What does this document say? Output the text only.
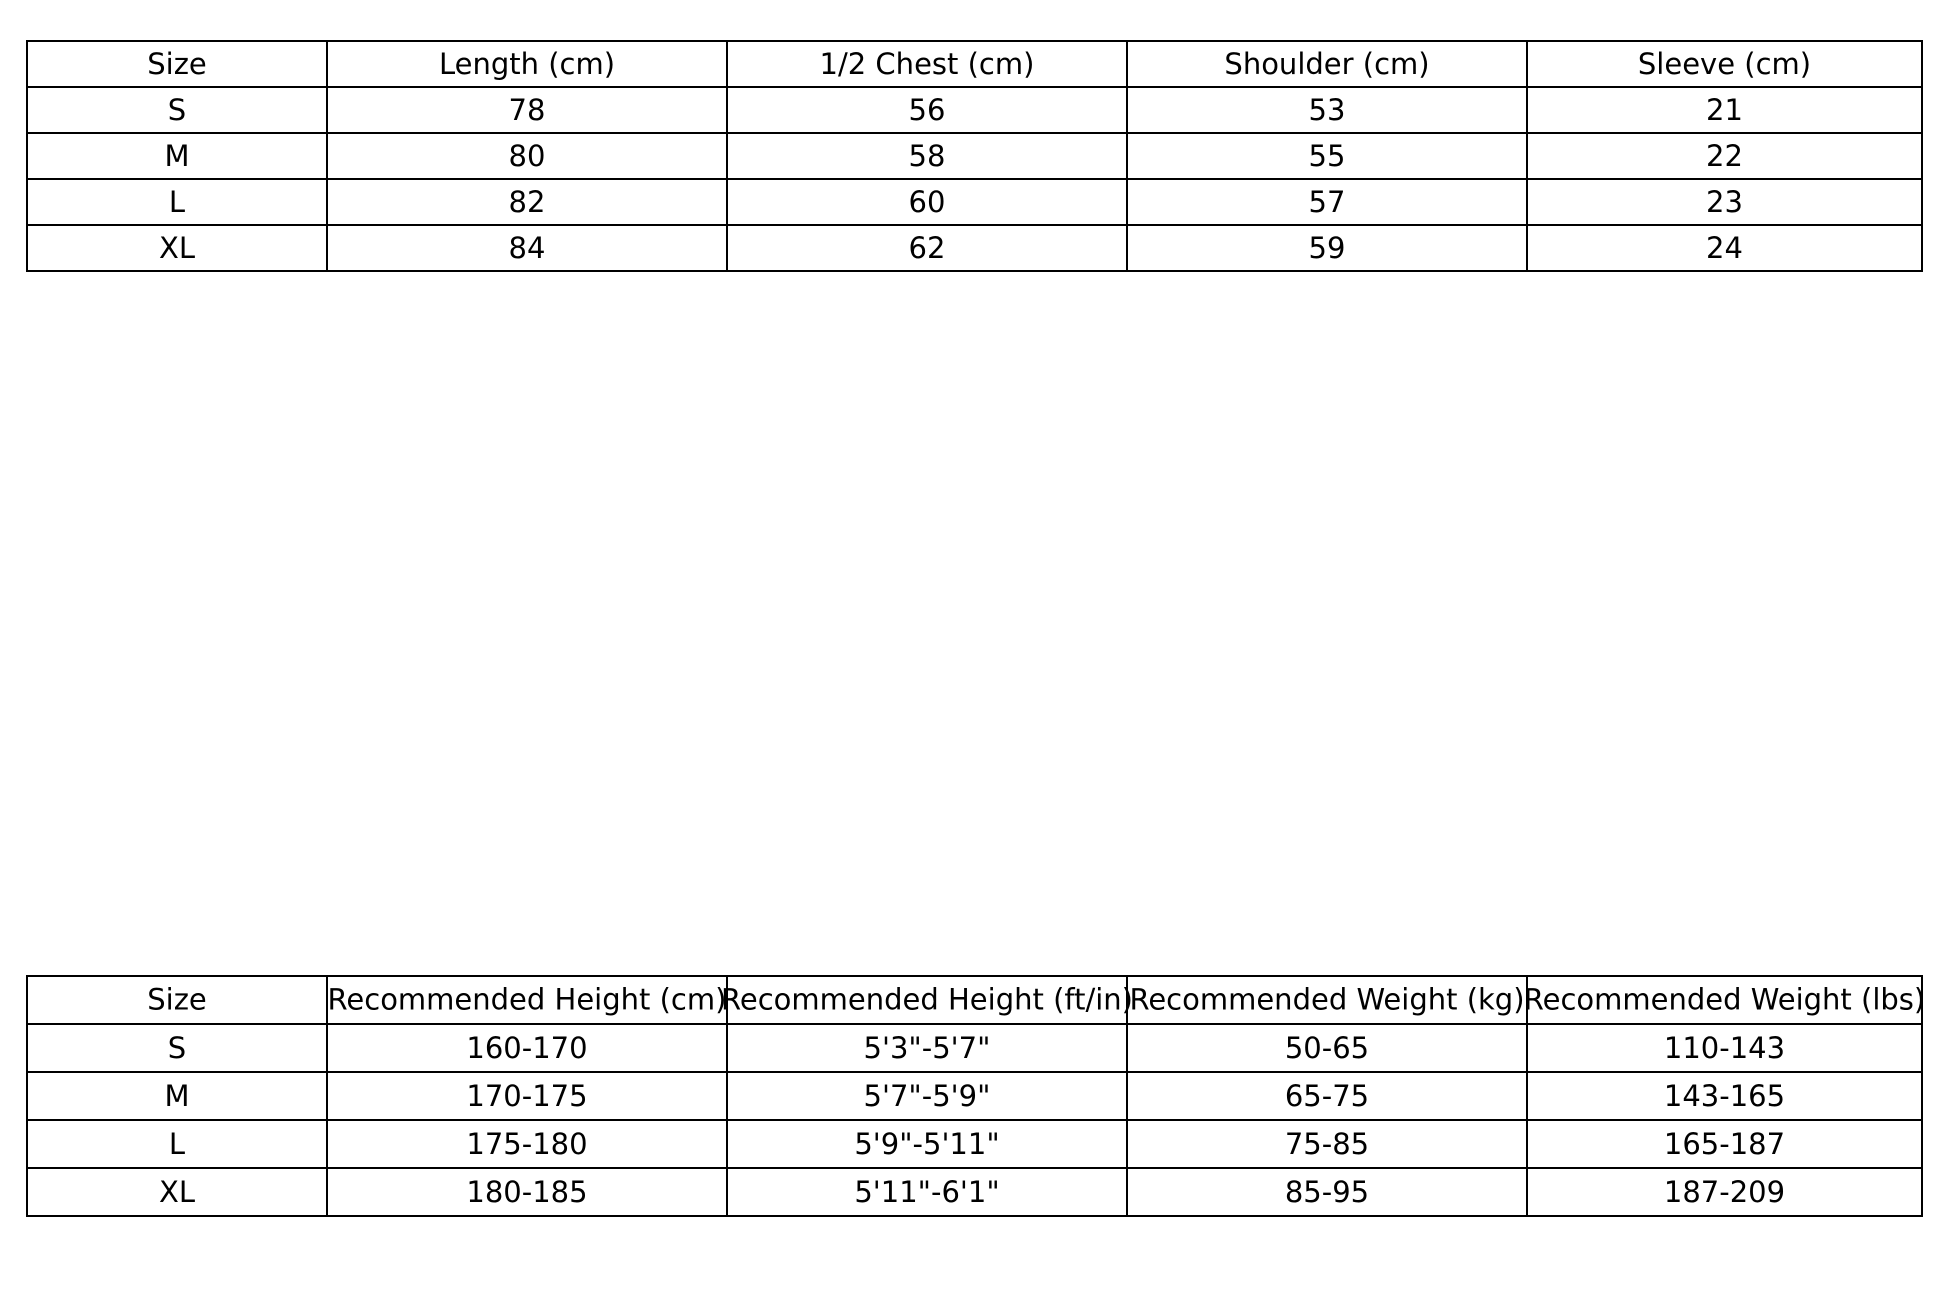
Size	Length (cm)	1/2 Chest (cm)	Shoulder (cm)	Sleeve (cm)
S	78	56	53	21
M	80	58	55	22
L	82	60	57	23
XL	84	62	59	24
Size	Recommended Height (cm)	Recommended Height (ft/in)	Recommended Weight (kg)	Recommended Weight (lbs)

S	160-170	5'3"-5'7"	50-65	110-143
M	170-175	5'7"-5'9"	65-75	143-165
L	175-180	5'9"-5'11"	75-85	165-187
XL	180-185	5'11"-6'1"	85-95	187-209
